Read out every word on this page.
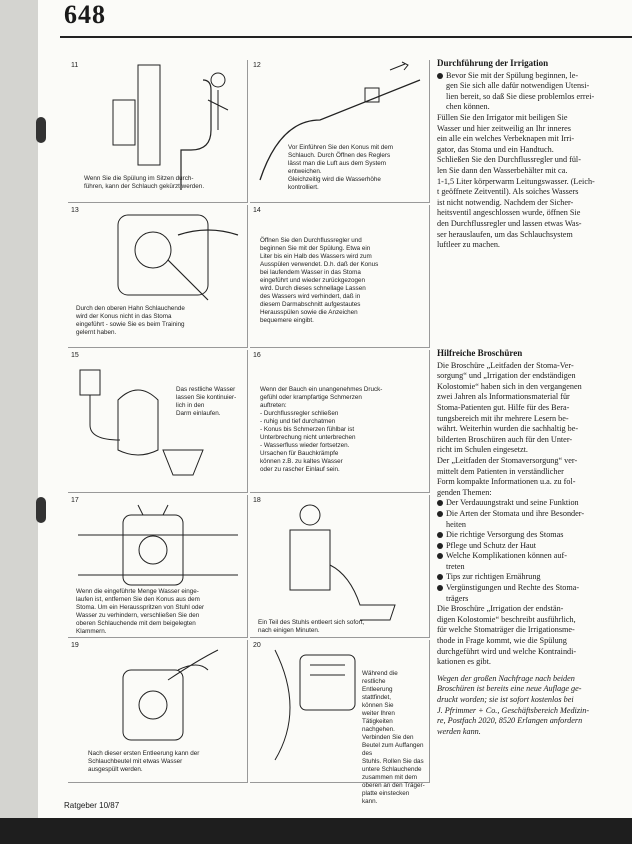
648
11
Wenn Sie die Spülung im Sitzen durch-
führen, kann der Schlauch gekürzt werden.
12
Vor Einführen Sie den Konus mit dem
Schlauch. Durch Öffnen des Reglers
lässt man die Luft aus dem System
entweichen.
Gleichzeitig wird die Wasserhöhe
kontrolliert.
13
Durch den oberen Hahn Schlauchende
wird der Konus nicht in das Stoma
eingeführt - sowie Sie es beim Training
gelernt haben.
14
Öffnen Sie den Durchflussregler und
beginnen Sie mit der Spülung. Etwa ein
Liter bis ein Halb des Wassers wird zum
Ausspülen verwendet. D.h. daß der Konus
bei laufendem Wasser in das Stoma
eingeführt und wieder zurückgezogen
wird. Durch dieses schnellage Lassen
des Wassers wird verhindert, daß in
diesem Darmabschnitt aufgestautes
Herausspülen sowie die Anzeichen
bequemere eingibt.
15
Das restliche Wasser
lassen Sie kontinuier-
lich in den
Darm einlaufen.
16
Wenn der Bauch ein unangenehmes Druck-
gefühl oder krampfartige Schmerzen
auftreten:
- Durchflussregler schließen
- ruhig und tief durchatmen
- Konus bis Schmerzen fühlbar ist
Unterbrechung nicht unterbrechen
- Wasserfluss wieder fortsetzen.
Ursachen für Bauchkrämpfe
können z.B. zu kaltes Wasser
oder zu rascher Einlauf sein.
17
Wenn die eingeführte Menge Wasser einge-
laufen ist, entfernen Sie den Konus aus dem
Stoma. Um ein Herausspritzen von Stuhl oder
Wasser zu verhindern, verschließen Sie den
oberen Schlauchende mit dem beigelegten
Klammern.
18
Ein Teil des Stuhls entleert sich sofort,
nach einigen Minuten.
19
Nach dieser ersten Entleerung kann der
Schlauchbeutel mit etwas Wasser
ausgespült werden.
20
Während die
restliche
Entleerung
stattfindet,
können Sie
weiter Ihren
Tätigkeiten nachgehen.
Verbinden Sie den Beutel zum Auffangen des
Stuhls. Rollen Sie das untere Schlauchende
zusammen mit dem oberen an den Träger-
platte einstecken kann.

Durchführung der Irrigation

Bevor Sie mit der Spülung beginnen, le-
gen Sie sich alle dafür notwendigen Utensi-
lien bereit, so daß Sie diese problemlos errei-
chen können.

Füllen Sie den Irrigator mit beiligen Sie
Wasser und hier zeitweilig an Ihr inneres
ein alle ein welches Verbeknapen mit Irri-
gator, das Stoma und ein Handtuch.
Schließen Sie den Durchflussregler und fül-
len Sie dann den Wasserbehälter mit ca.
1-1,5 Liter körperwarm Leitungswasser. (Leich-
t geöffnete Zeitventil). Als soiches Wassers
ist nicht notwendig. Nachdem der Sicher-
heitsventil angeschlossen wurde, öffnen Sie
den Durchflussregler und lassen etwas Was-
ser herauslaufen, um das Schlauchsystem
luftleer zu machen.

Hilfreiche Broschüren

Die Broschüre „Leitfaden der Stoma-Ver-
sorgung“ und „Irrigation der endständigen
Kolostomie“ haben sich in den vergangenen
zwei Jahren als Informationsmaterial für
Stoma-Patienten gut. Hilfe für des Bera-
tungsbereich mit ihr mehrere Lesern be-
währt. Weiterhin wurden die sachhaltig be-
bilderten Broschüren auch für den Unter-
richt im Schulen eingesetzt.

Der „Leitfaden der Stomaversorgung“ ver-
mittelt dem Patienten in verständlicher
Form kompakte Informationen u.a. zu fol-
genden Themen:

Der Verdauungstrakt und seine Funktion

Die Arten der Stomata und ihre Besonder-
heiten

Die richtige Versorgung des Stomas

Pflege und Schutz der Haut

Welche Komplikationen können auf-
treten

Tips zur richtigen Ernährung

Vergünstigungen und Rechte des Stoma-
trägers

Die Broschüre „Irrigation der endstän-
digen Kolostomie“ beschreibt ausführlich,
für welche Stomaträger die Irrigationsme-
thode in Frage kommt, wie die Spülung
durchgeführt wird und welche Kontraindi-
kationen es gibt.

Wegen der großen Nachfrage nach beiden
Broschüren ist bereits eine neue Auflage ge-
druckt worden; sie ist sofort kostenlos bei
J. Pfrimmer + Co., Geschäftsbereich Medizin-
re, Postfach 2020, 8520 Erlangen anfordern
werden kann.

Ratgeber 10/87
